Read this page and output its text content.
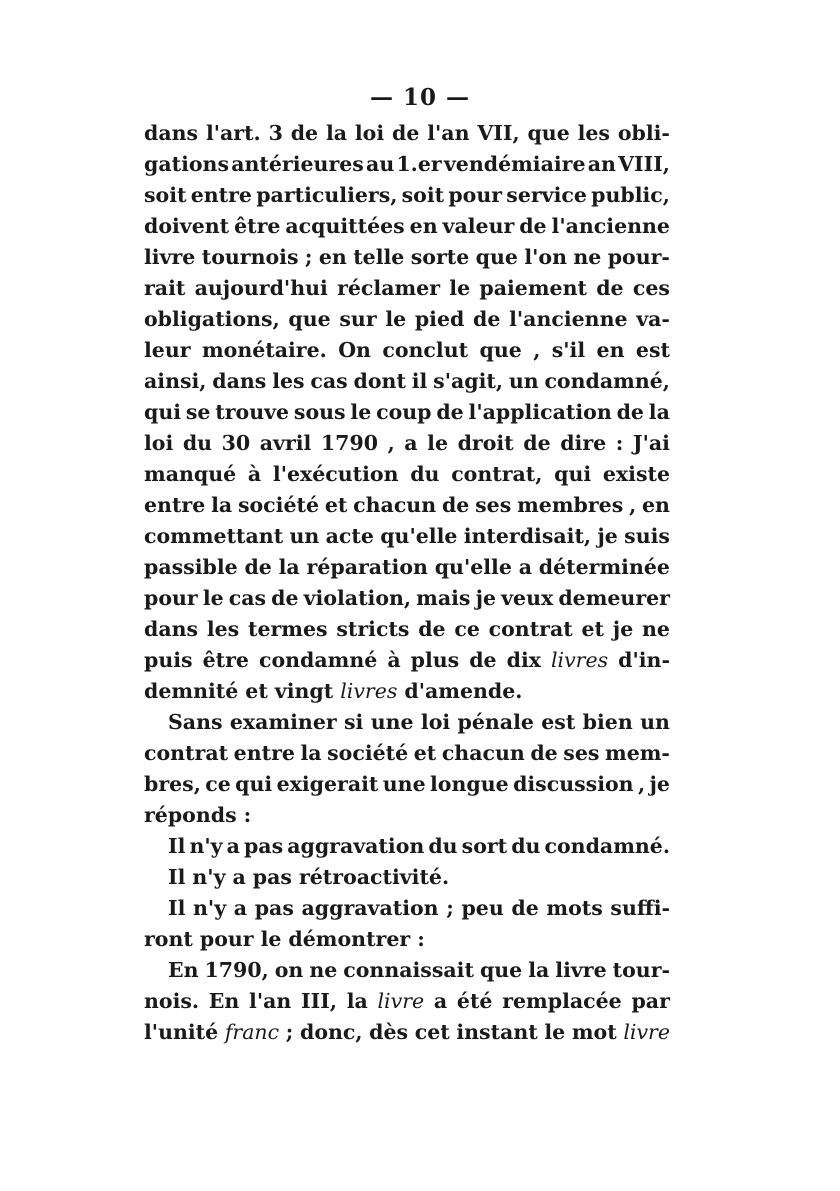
— 10 —
dans l'art. 3 de la loi de l'an VII, que les obli-
gations antérieures au 1.er vendémiaire an VIII,
soit entre particuliers, soit pour service public,
doivent être acquittées en valeur de l'ancienne
livre tournois ; en telle sorte que l'on ne pour-
rait aujourd'hui réclamer le paiement de ces
obligations, que sur le pied de l'ancienne va-
leur monétaire. On conclut que , s'il en est
ainsi, dans les cas dont il s'agit, un condamné,
qui se trouve sous le coup de l'application de la
loi du 30 avril 1790 , a le droit de dire : J'ai
manqué à l'exécution du contrat, qui existe
entre la société et chacun de ses membres , en
commettant un acte qu'elle interdisait, je suis
passible de la réparation qu'elle a déterminée
pour le cas de violation, mais je veux demeurer
dans les termes stricts de ce contrat et je ne
puis être condamné à plus de dix livres d'in-
demnité et vingt livres d'amende.
Sans examiner si une loi pénale est bien un
contrat entre la société et chacun de ses mem-
bres, ce qui exigerait une longue discussion , je
réponds :
Il n'y a pas aggravation du sort du condamné.
Il n'y a pas rétroactivité.
Il n'y a pas aggravation ; peu de mots suffi-
ront pour le démontrer :
En 1790, on ne connaissait que la livre tour-
nois. En l'an III, la livre a été remplacée par
l'unité franc ; donc, dès cet instant le mot livre
